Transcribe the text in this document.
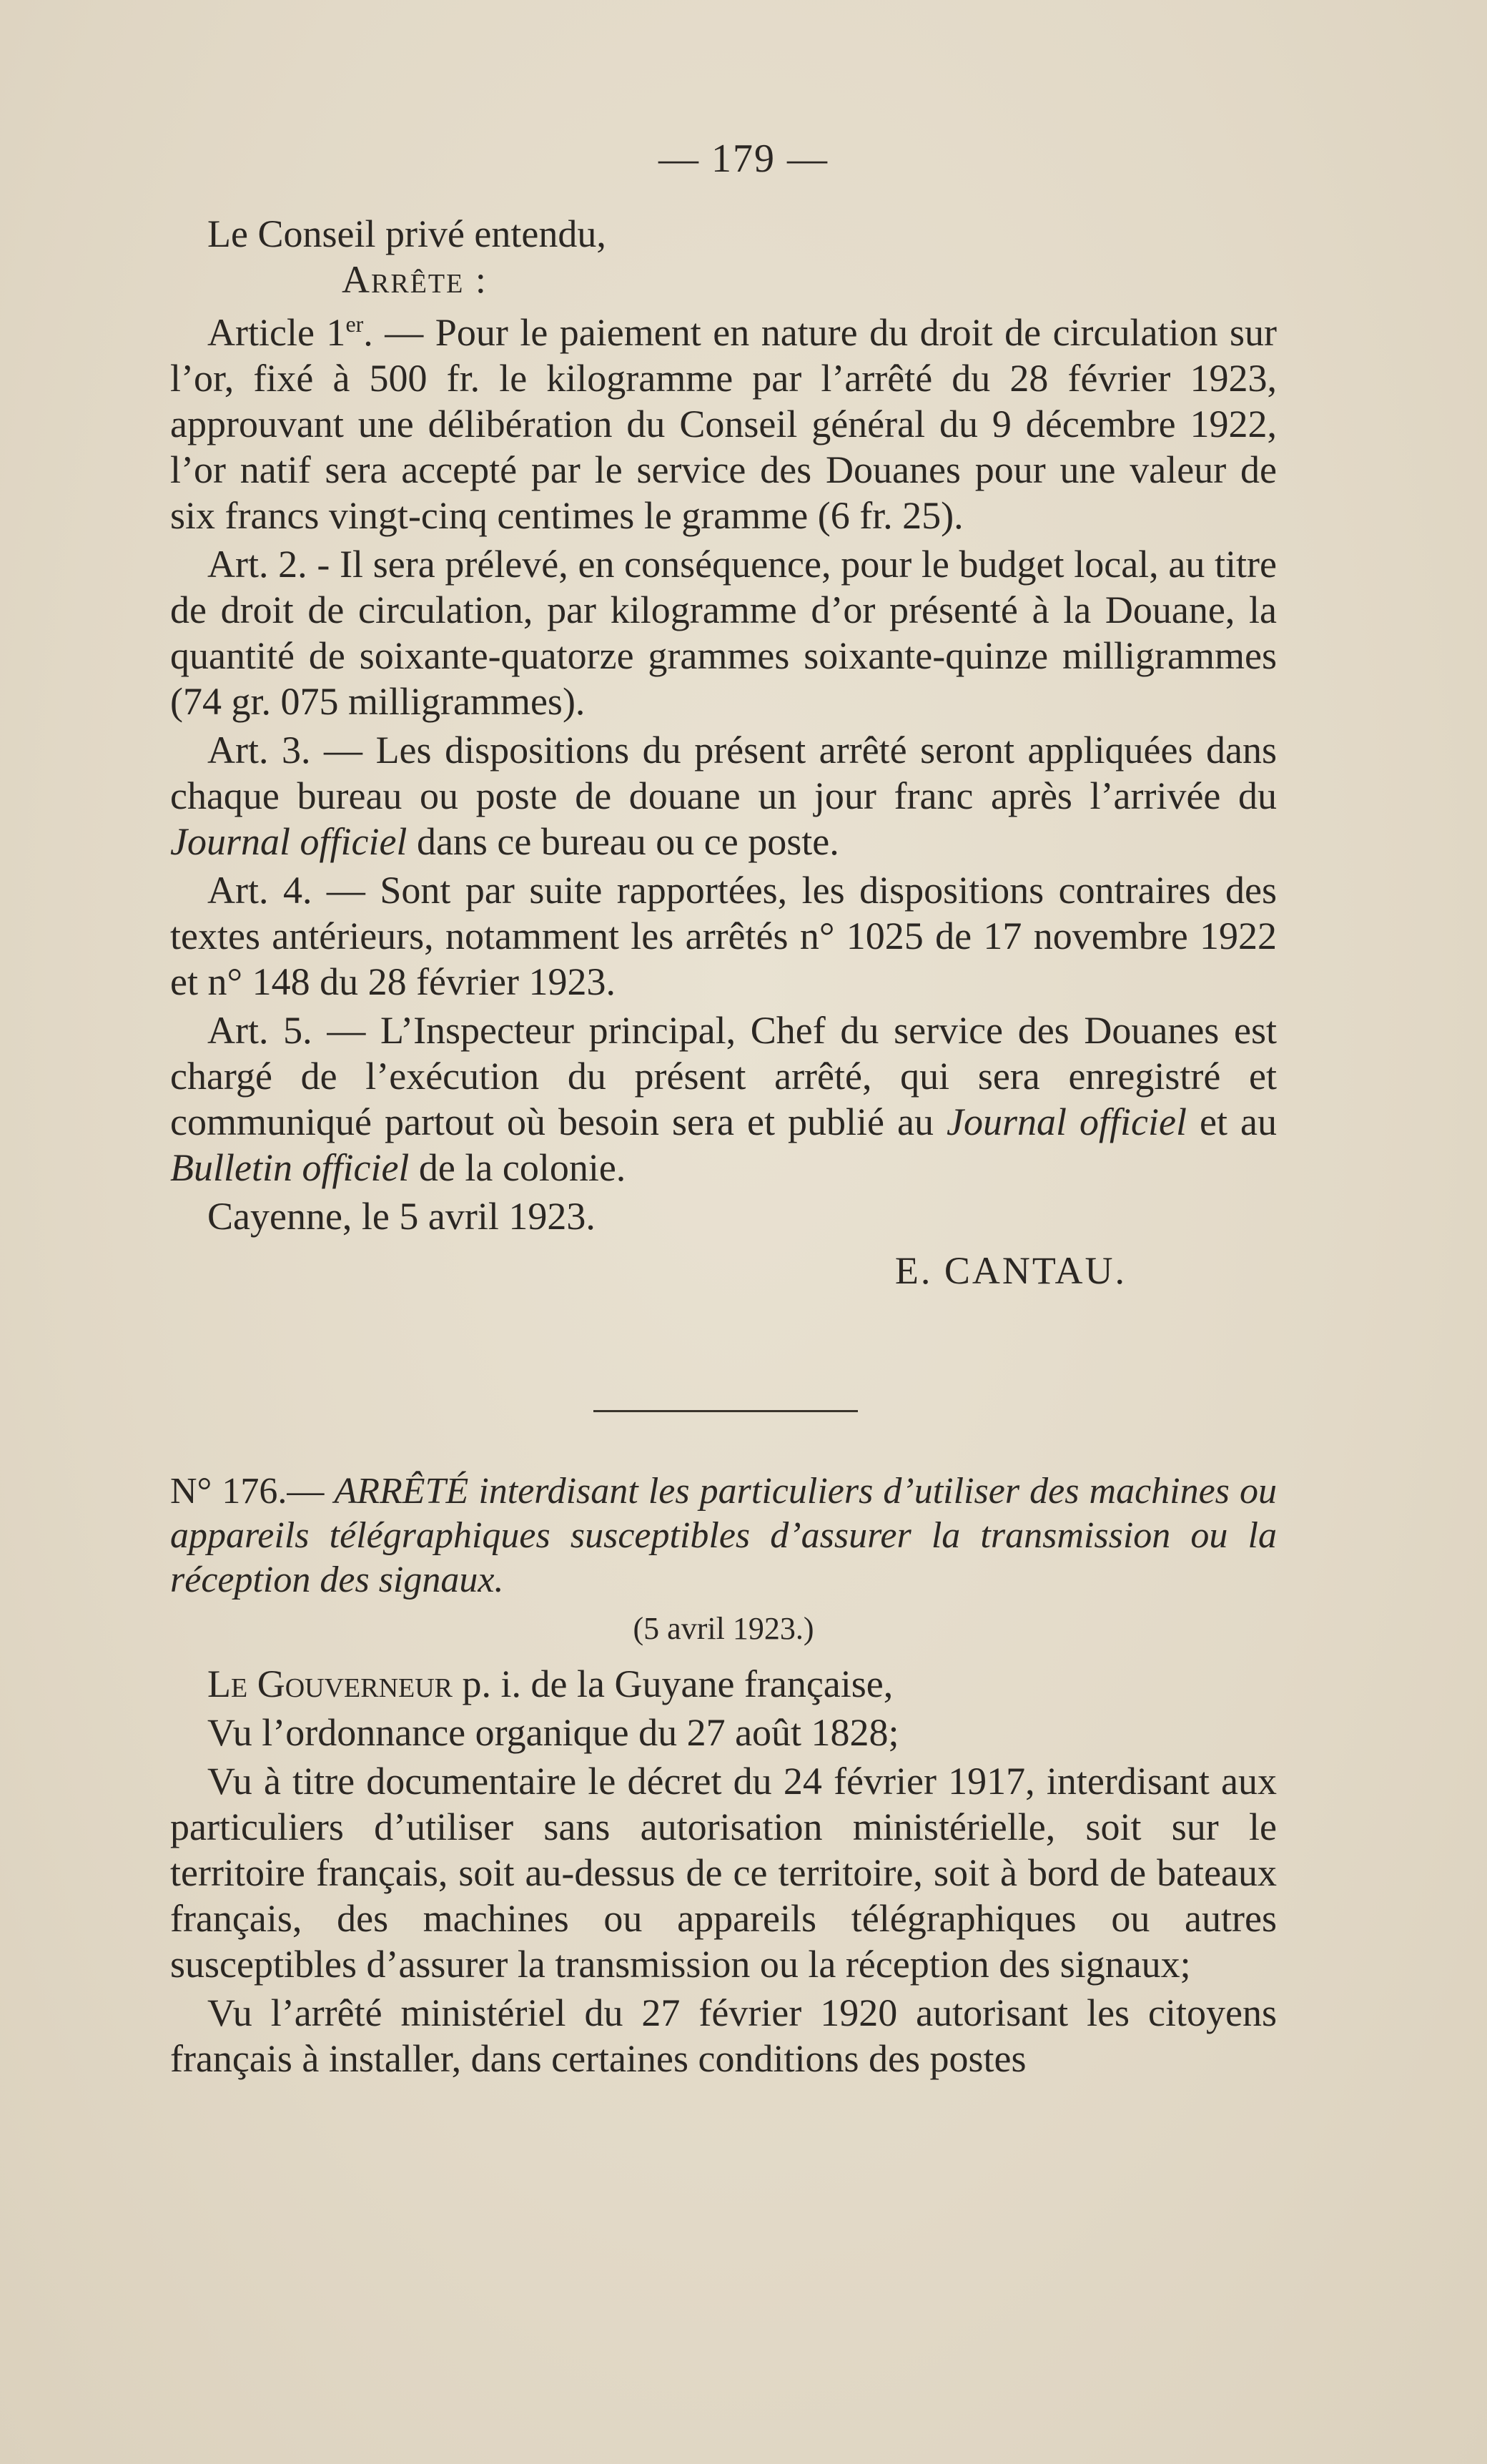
— 179 —
Le Conseil privé entendu,
Arrête :
Article 1er. — Pour le paiement en nature du droit de circulation sur l’or, fixé à 500 fr. le kilogramme par l’arrêté du 28 février 1923, approuvant une délibération du Conseil général du 9 décembre 1922, l’or natif sera accepté par le service des Douanes pour une valeur de six francs vingt-cinq centimes le gramme (6 fr. 25).
Art. 2. - Il sera prélevé, en conséquence, pour le budget local, au titre de droit de circulation, par kilogramme d’or présenté à la Douane, la quantité de soixante-quatorze grammes soixante-quinze milligrammes (74 gr. 075 milligrammes).
Art. 3. — Les dispositions du présent arrêté seront appliquées dans chaque bureau ou poste de douane un jour franc après l’arrivée du Journal officiel dans ce bureau ou ce poste.
Art. 4. — Sont par suite rapportées, les dispositions contraires des textes antérieurs, notamment les arrêtés n° 1025 de 17 novembre 1922 et n° 148 du 28 février 1923.
Art. 5. — L’Inspecteur principal, Chef du service des Douanes est chargé de l’exécution du présent arrêté, qui sera enregistré et communiqué partout où besoin sera et publié au Journal officiel et au Bulletin officiel de la colonie.
Cayenne, le 5 avril 1923.
E. CANTAU.
N° 176.— ARRÊTÉ interdisant les particuliers d’utiliser des machines ou appareils télégraphiques susceptibles d’assurer la transmission ou la réception des signaux.
(5 avril 1923.)
Le Gouverneur p. i. de la Guyane française,
Vu l’ordonnance organique du 27 août 1828;
Vu à titre documentaire le décret du 24 février 1917, interdisant aux particuliers d’utiliser sans autorisation ministérielle, soit sur le territoire français, soit au-dessus de ce territoire, soit à bord de bateaux français, des machines ou appareils télégraphiques ou autres susceptibles d’assurer la transmission ou la réception des signaux;
Vu l’arrêté ministériel du 27 février 1920 autorisant les citoyens français à installer, dans certaines conditions des postes
